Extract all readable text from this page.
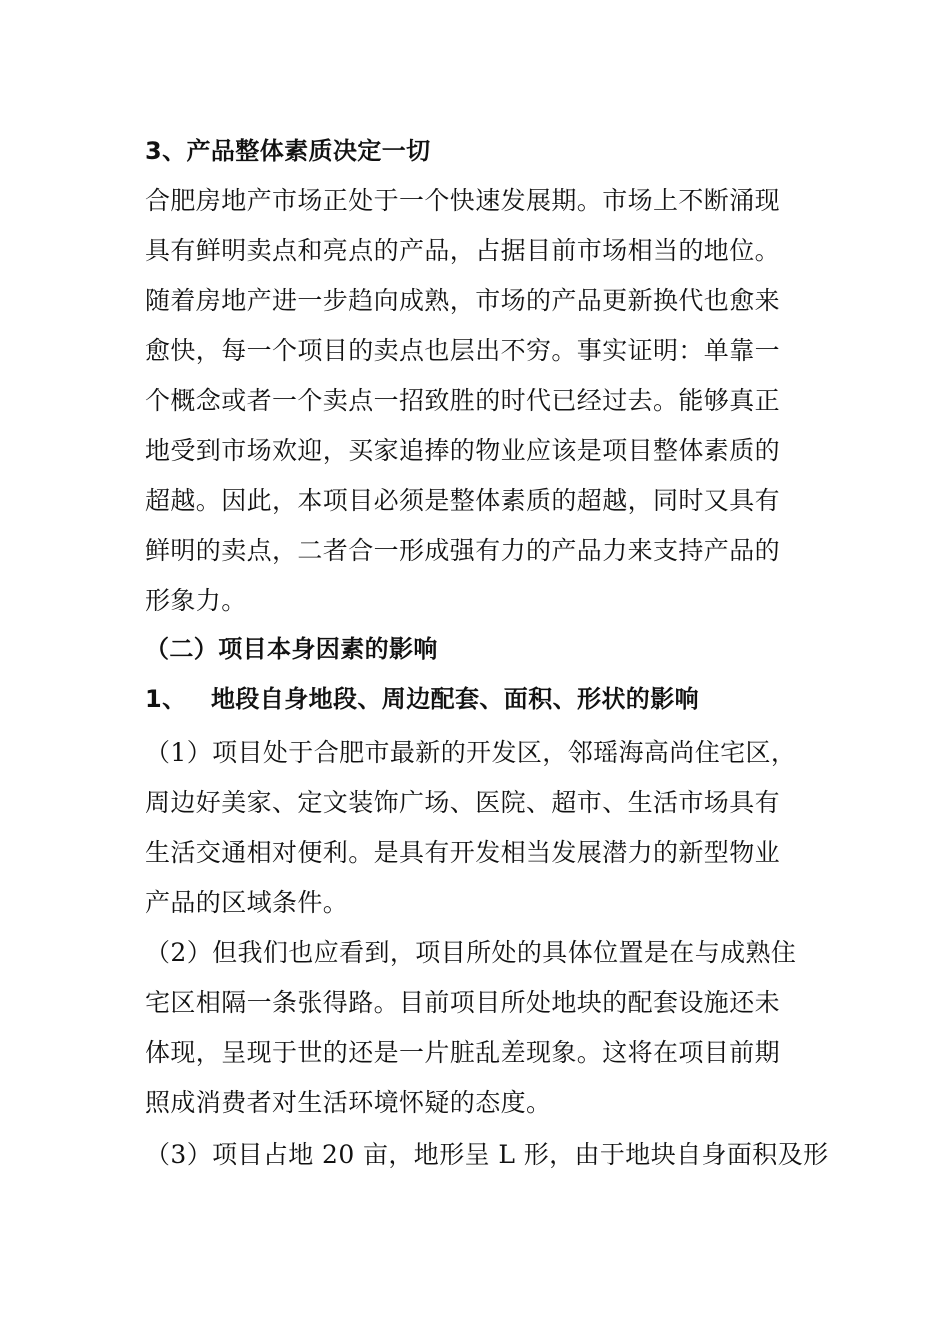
3、产品整体素质决定一切
合肥房地产市场正处于一个快速发展期。市场上不断涌现
具有鲜明卖点和亮点的产品，占据目前市场相当的地位。
随着房地产进一步趋向成熟，市场的产品更新换代也愈来
愈快，每一个项目的卖点也层出不穷。事实证明：单靠一
个概念或者一个卖点一招致胜的时代已经过去。能够真正
地受到市场欢迎，买家追捧的物业应该是项目整体素质的
超越。因此，本项目必须是整体素质的超越，同时又具有
鲜明的卖点，二者合一形成强有力的产品力来支持产品的
形象力。
（二）项目本身因素的影响
1、 地段自身地段、周边配套、面积、形状的影响
（1）项目处于合肥市最新的开发区，邻瑶海高尚住宅区，
周边好美家、定文装饰广场、医院、超市、生活市场具有
生活交通相对便利。是具有开发相当发展潜力的新型物业
产品的区域条件。
（2）但我们也应看到，项目所处的具体位置是在与成熟住
宅区相隔一条张得路。目前项目所处地块的配套设施还未
体现，呈现于世的还是一片脏乱差现象。这将在项目前期
照成消费者对生活环境怀疑的态度。
（3）项目占地 20 亩，地形呈 L 形，由于地块自身面积及形
